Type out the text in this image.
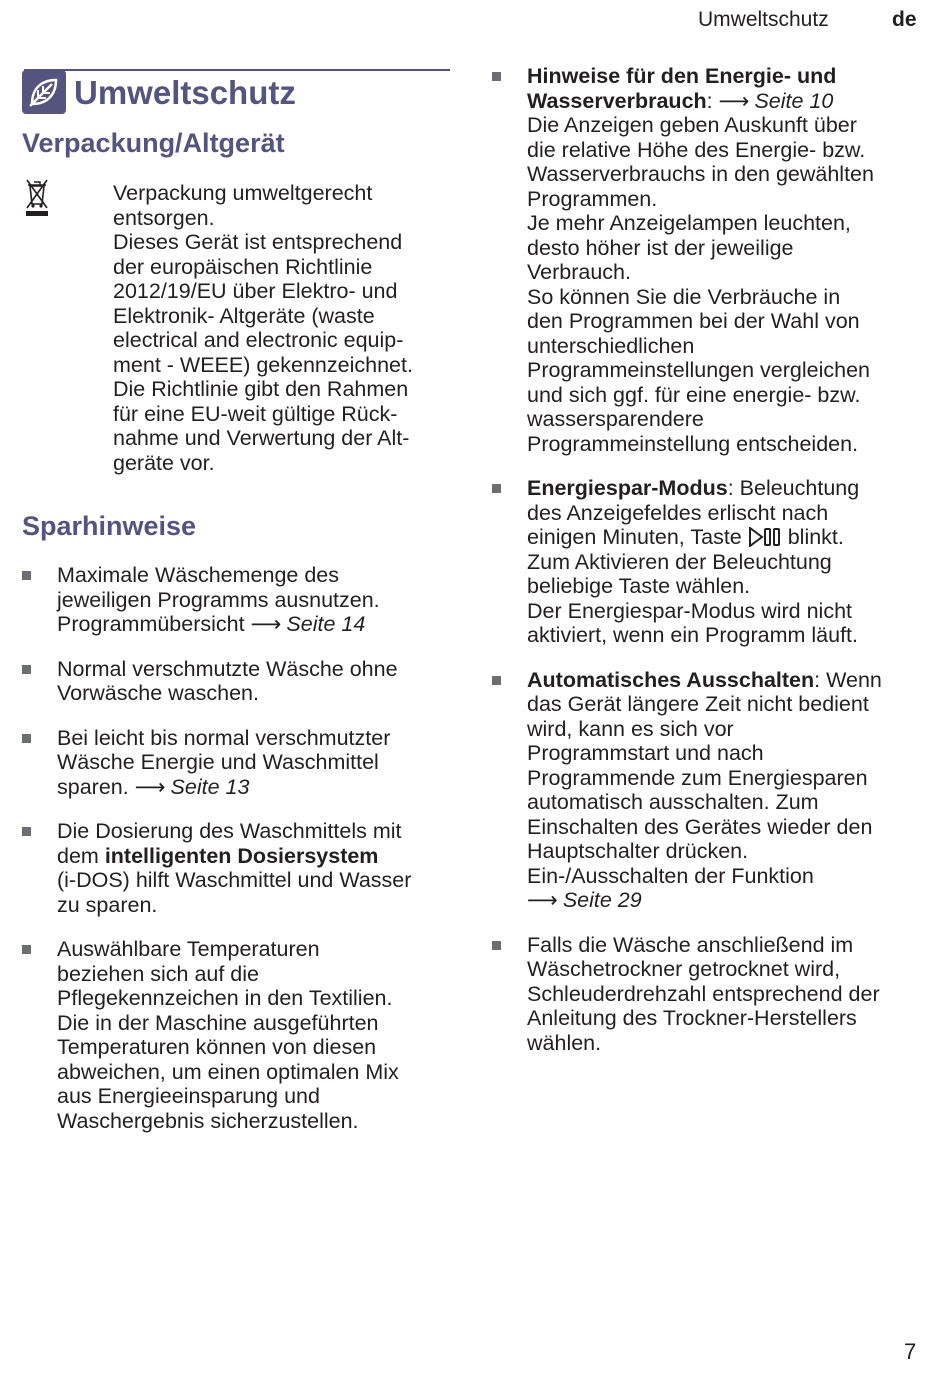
Umweltschutz	de
Umweltschutz
Verpackung/Altgerät
Verpackung umweltgerecht
entsorgen.
Dieses Gerät ist entsprechend
der europäischen Richtlinie
2012/19/EU über Elektro- und
Elektronik- Altgeräte (waste
electrical and electronic equip-
ment - WEEE) gekennzeichnet.
Die Richtlinie gibt den Rahmen
für eine EU-weit gültige Rück-
nahme und Verwertung der Alt-
geräte vor.
Sparhinweise
Maximale Wäschemenge des
jeweiligen Programms ausnutzen.
Programmübersicht ⟶ Seite 14
Normal verschmutzte Wäsche ohne
Vorwäsche waschen.
Bei leicht bis normal verschmutzter
Wäsche Energie und Waschmittel
sparen. ⟶ Seite 13
Die Dosierung des Waschmittels mit
dem intelligenten Dosiersystem
(i-DOS) hilft Waschmittel und Wasser
zu sparen.
Auswählbare Temperaturen
beziehen sich auf die
Pflegekennzeichen in den Textilien.
Die in der Maschine ausgeführten
Temperaturen können von diesen
abweichen, um einen optimalen Mix
aus Energieeinsparung und
Waschergebnis sicherzustellen.
Hinweise für den Energie- und
Wasserverbrauch: ⟶ Seite 10
Die Anzeigen geben Auskunft über
die relative Höhe des Energie- bzw.
Wasserverbrauchs in den gewählten
Programmen.
Je mehr Anzeigelampen leuchten,
desto höher ist der jeweilige
Verbrauch.
So können Sie die Verbräuche in
den Programmen bei der Wahl von
unterschiedlichen
Programmeinstellungen vergleichen
und sich ggf. für eine energie- bzw.
wassersparendere
Programmeinstellung entscheiden.
Energiespar-Modus: Beleuchtung
des Anzeigefeldes erlischt nach
einigen Minuten, Taste  blinkt.
Zum Aktivieren der Beleuchtung
beliebige Taste wählen.
Der Energiespar-Modus wird nicht
aktiviert, wenn ein Programm läuft.
Automatisches Ausschalten: Wenn
das Gerät längere Zeit nicht bedient
wird, kann es sich vor
Programmstart und nach
Programmende zum Energiesparen
automatisch ausschalten. Zum
Einschalten des Gerätes wieder den
Hauptschalter drücken.
Ein-/Ausschalten der Funktion
⟶ Seite 29
Falls die Wäsche anschließend im
Wäschetrockner getrocknet wird,
Schleuderdrehzahl entsprechend der
Anleitung des Trockner-Herstellers
wählen.
7
